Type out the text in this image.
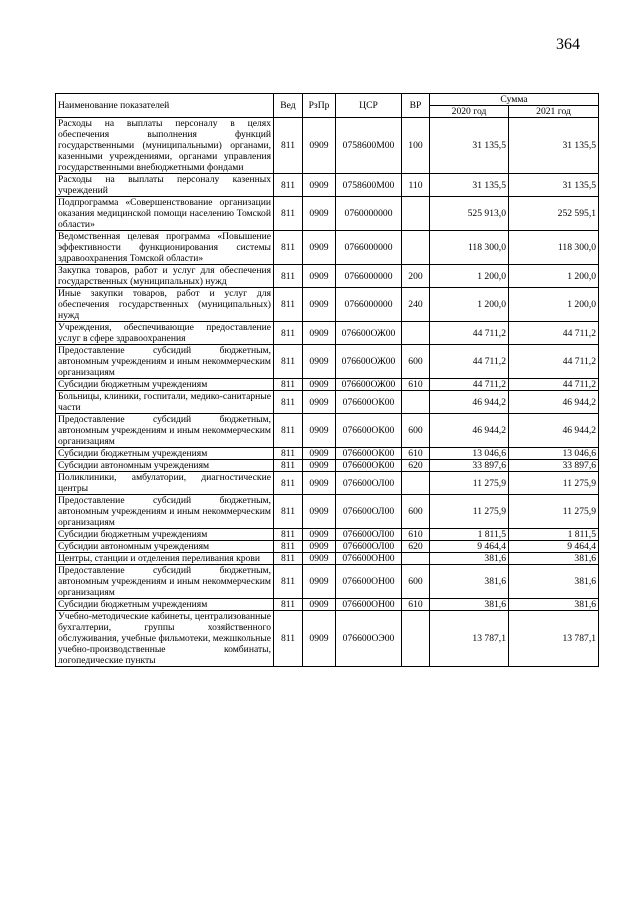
364
Наименование показателей	Вед	РзПр	ЦСР	ВР	Сумма	
					2020 год	2021 год
Расходы на выплаты персоналу в целях обеспечения выполнения функций государственными (муниципальными) органами, казенными учреждениями, органами управления государственными внебюджетными фондами	811	0909	0758600М00	100	31 135,5	31 135,5
Расходы на выплаты персоналу казенных учреждений	811	0909	0758600М00	110	31 135,5	31 135,5
Подпрограмма «Совершенствование организации оказания медицинской помощи населению Томской области»	811	0909	0760000000		525 913,0	252 595,1
Ведомственная целевая программа «Повышение эффективности функционирования системы здравоохранения Томской области»	811	0909	0766000000		118 300,0	118 300,0
Закупка товаров, работ и услуг для обеспечения государственных (муниципальных) нужд	811	0909	0766000000	200	1 200,0	1 200,0
Иные закупки товаров, работ и услуг для обеспечения государственных (муниципальных) нужд	811	0909	0766000000	240	1 200,0	1 200,0
Учреждения, обеспечивающие предоставление услуг в сфере здравоохранения	811	0909	076600ОЖ00		44 711,2	44 711,2
Предоставление субсидий бюджетным, автономным учреждениям и иным некоммерческим организациям	811	0909	076600ОЖ00	600	44 711,2	44 711,2
Субсидии бюджетным учреждениям	811	0909	076600ОЖ00	610	44 711,2	44 711,2
Больницы, клиники, госпитали, медико-санитарные части	811	0909	076600ОК00		46 944,2	46 944,2
Предоставление субсидий бюджетным, автономным учреждениям и иным некоммерческим организациям	811	0909	076600ОК00	600	46 944,2	46 944,2
Субсидии бюджетным учреждениям	811	0909	076600ОК00	610	13 046,6	13 046,6
Субсидии автономным учреждениям	811	0909	076600ОК00	620	33 897,6	33 897,6
Поликлиники, амбулатории, диагностические центры	811	0909	076600ОЛ00		11 275,9	11 275,9
Предоставление субсидий бюджетным, автономным учреждениям и иным некоммерческим организациям	811	0909	076600ОЛ00	600	11 275,9	11 275,9
Субсидии бюджетным учреждениям	811	0909	076600ОЛ00	610	1 811,5	1 811,5
Субсидии автономным учреждениям	811	0909	076600ОЛ00	620	9 464,4	9 464,4
Центры, станции и отделения переливания крови	811	0909	076600ОН00		381,6	381,6
Предоставление субсидий бюджетным, автономным учреждениям и иным некоммерческим организациям	811	0909	076600ОН00	600	381,6	381,6
Субсидии бюджетным учреждениям	811	0909	076600ОН00	610	381,6	381,6
Учебно-методические кабинеты, централизованные бухгалтерии, группы хозяйственного обслуживания, учебные фильмотеки, межшкольные учебно-производственные комбинаты, логопедические пункты	811	0909	076600ОЭ00		13 787,1	13 787,1
